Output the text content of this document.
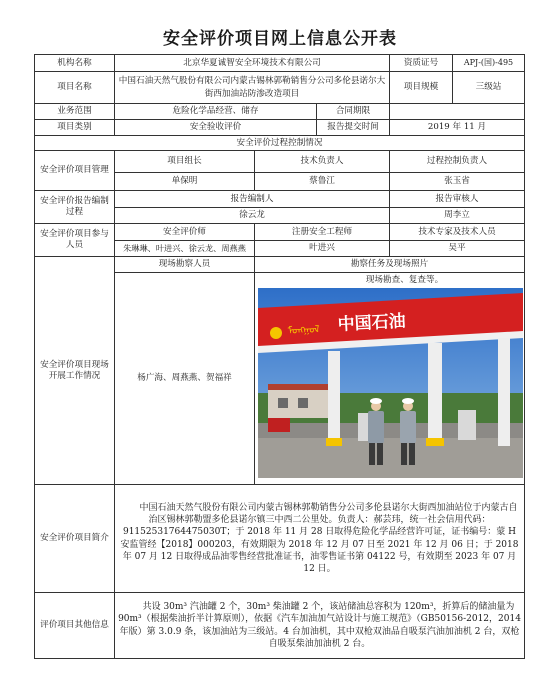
安全评价项目网上信息公开表
机构名称	北京华夏诚智安全环境技术有限公司		资质证号 APJ-(国)-495

项目名称	中国石油天然气股份有限公司内蒙古锡林郭勒销售分公司多伦县诺尔大街西加油站防渗改造项目		项目规模 三级站

业务范围	危险化学品经营、储存 合同期限		

项目类别	安全验收评价 报告提交时间		2019 年 11 月
安全评价过程控制情况			
安全评价项目管理	项目组长	技术负责人	过程控制负责人
	单保明	蔡鲁江	张玉省
安全评价报告编制过程	报告编制人		报告审核人
	徐云龙		周李立
安全评价项目参与人员	安全评价师	注册安全工程师	技术专家及技术人员
	朱琳琳、叶进兴、徐云龙、周燕燕	叶进兴	吴平
安全评价项目现场开展工作情况	现场勘察人员	勘察任务及现场照片	
	杨广海、周燕燕、贺福祥	现场勘查、复查等。
中国石油
ᠮᠣᠩᠭᠣᠯ	

安全评价项目简介	中国石油天然气股份有限公司内蒙古锡林郭勒销售分公司多伦县诺尔大街西加油站位于内蒙古自治区锡林郭勒盟多伦县诺尔镇三中西二公里处。负责人：郝芸玮，统一社会信用代码：91152531764475030T；于 2018 年 11 月 28 日取得危险化学品经营许可证，证书编号：蒙 H 安监管经【2018】000203，有效期限为 2018 年 12 月 07 日至 2021 年 12 月 06 日；于 2018 年 07 月 12 日取得成品油零售经营批准证书，油零售证书第 04122 号，有效期至 2023 年 07 月 12 日。		
评价项目其他信息	共设 30m³ 汽油罐 2 个，30m³ 柴油罐 2 个，该站储油总容积为 120m³，折算后的储油量为 90m³（根据柴油折半计算原则），依据《汽车加油加气站设计与施工规范》（GB50156-2012，2014 年版）第 3.0.9 条，该加油站为三级站。4 台加油机，其中双枪双油品自吸泵汽油加油机 2 台，双枪自吸泵柴油加油机 2 台。		
